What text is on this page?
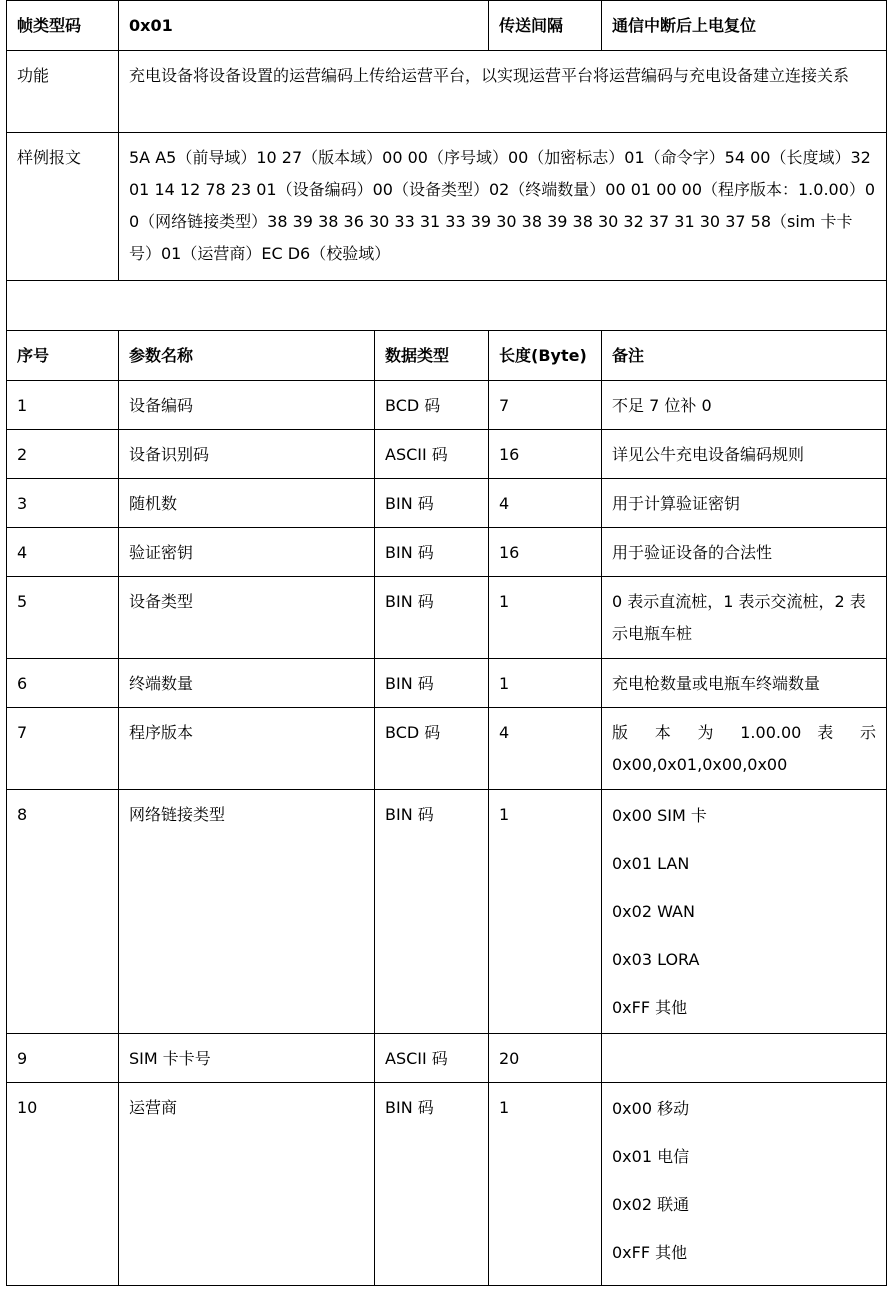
帧类型码	0x01	传送间隔	通信中断后上电复位
功能	充电设备将设备设置的运营编码上传给运营平台，以实现运营平台将运营编码与充电设备建立连接关系		
样例报文	5A A5（前导域）10 27（版本域）00 00（序号域）00（加密标志）01（命令字）54 00（长度域）32 01 14 12 78 23 01（设备编码）00（设备类型）02（终端数量）00 01 00 00（程序版本：1.0.00）00（网络链接类型）38 39 38 36 30 33 31 33 39 30 38 39 38 30 32 37 31 30 37 58（sim 卡卡号）01（运营商）EC D6（校验域）		

序号	参数名称	数据类型	长度(Byte)	备注
1	设备编码	BCD 码	7	不足 7 位补 0
2	设备识别码	ASCII 码	16	详见公牛充电设备编码规则
3	随机数	BIN 码	4	用于计算验证密钥
4	验证密钥	BIN 码	16	用于验证设备的合法性
5	设备类型	BIN 码	1	0 表示直流桩，1 表示交流桩，2 表示电瓶车桩
6	终端数量	BIN 码	1	充电枪数量或电瓶车终端数量
7	程序版本	BCD 码	4	版 本 为 1.00.00 表 示
0x00,0x01,0x00,0x00

8	网络链接类型	BIN 码	1	0x00 SIM 卡
0x01 LAN
0x02 WAN
0x03 LORA
0xFF 其他

9	SIM 卡卡号	ASCII 码	20	
10	运营商	BIN 码	1	0x00 移动
0x01 电信
0x02 联通
0xFF 其他
